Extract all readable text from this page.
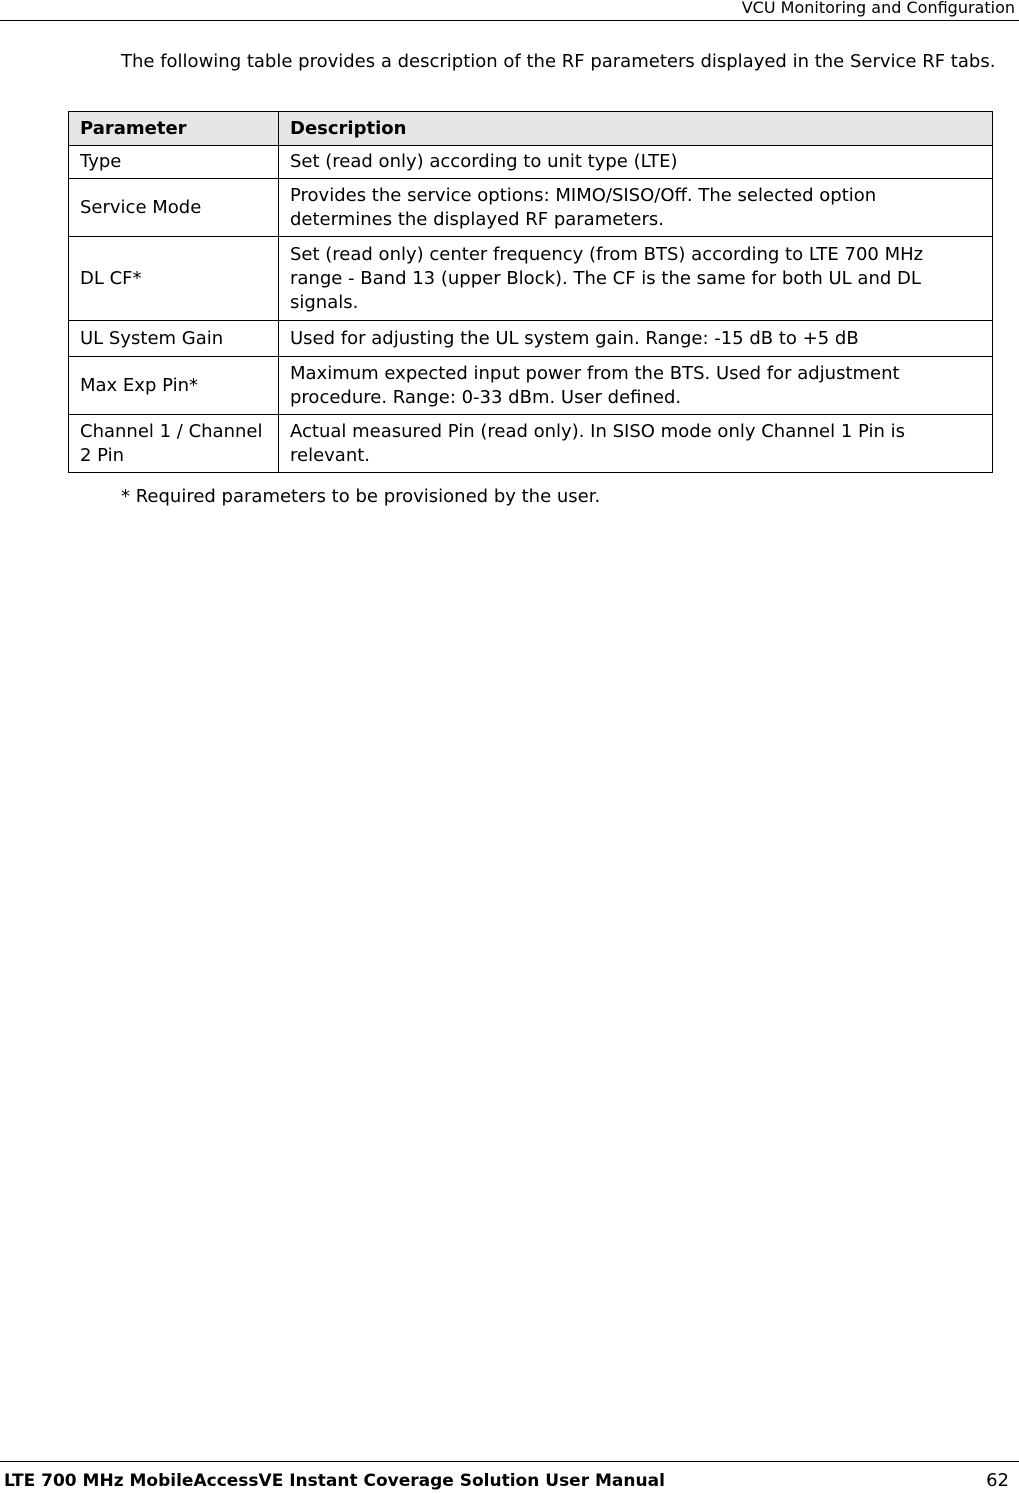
VCU Monitoring and Configuration
The following table provides a description of the RF parameters displayed in the Service RF tabs.
Parameter	Description
Type	Set (read only) according to unit type (LTE)
Service Mode	Provides the service options: MIMO/SISO/Off. The selected option determines the displayed RF parameters.
DL CF*	Set (read only) center frequency (from BTS) according to LTE 700 MHz range - Band 13 (upper Block). The CF is the same for both UL and DL signals.
UL System Gain	Used for adjusting the UL system gain. Range: -15 dB to +5 dB
Max Exp Pin*	Maximum expected input power from the BTS. Used for adjustment procedure. Range: 0-33 dBm. User defined.
Channel 1 / Channel 2 Pin	Actual measured Pin (read only). In SISO mode only Channel 1 Pin is relevant.
* Required parameters to be provisioned by the user.
LTE 700 MHz MobileAccessVE Instant Coverage Solution User Manual	62
